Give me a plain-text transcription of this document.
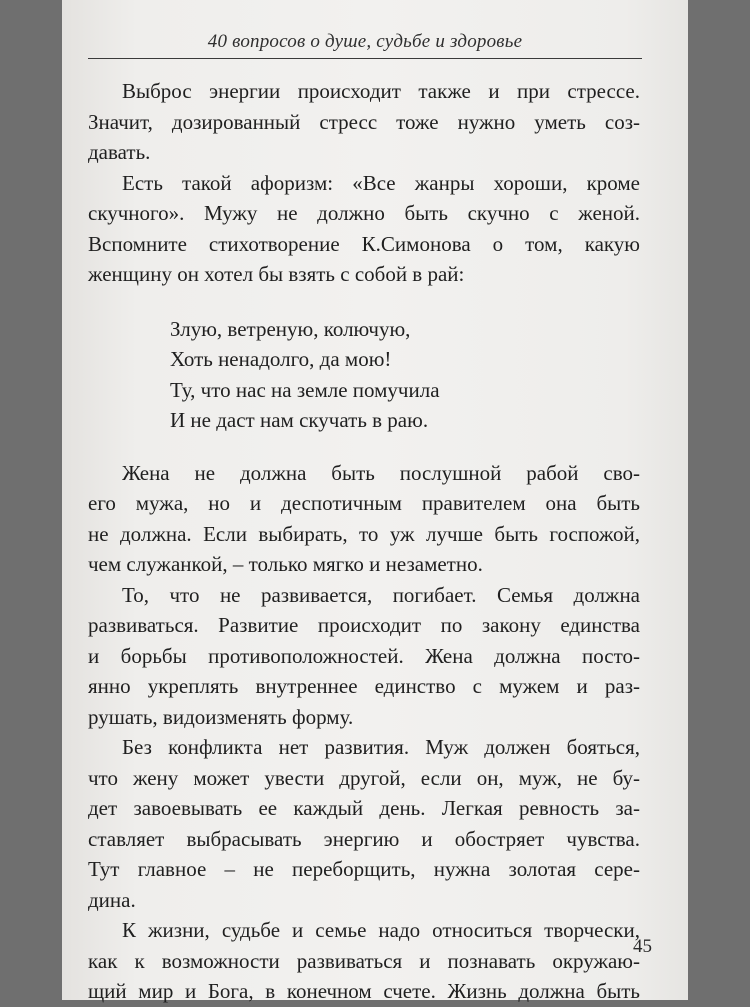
40 вопросов о душе, судьбе и здоровье
Выброс энергии происходит также и при стрессе.
Значит, дозированный стресс тоже нужно уметь соз-
давать.
Есть такой афоризм: «Все жанры хороши, кроме
скучного». Мужу не должно быть скучно с женой.
Вспомните стихотворение К.Симонова о том, какую
женщину он хотел бы взять с собой в рай:
Злую, ветреную, колючую,
Хоть ненадолго, да мою!
Ту, что нас на земле помучила
И не даст нам скучать в раю.
Жена не должна быть послушной рабой сво-
его мужа, но и деспотичным правителем она быть
не должна. Если выбирать, то уж лучше быть госпожой,
чем служанкой, – только мягко и незаметно.
То, что не развивается, погибает. Семья должна
развиваться. Развитие происходит по закону единства
и борьбы противоположностей. Жена должна посто-
янно укреплять внутреннее единство с мужем и раз-
рушать, видоизменять форму.
Без конфликта нет развития. Муж должен бояться,
что жену может увести другой, если он, муж, не бу-
дет завоевывать ее каждый день. Легкая ревность за-
ставляет выбрасывать энергию и обостряет чувства.
Тут главное – не переборщить, нужна золотая сере-
дина.
К жизни, судьбе и семье надо относиться творчески,
как к возможности развиваться и познавать окружаю-
щий мир и Бога, в конечном счете. Жизнь должна быть
45
